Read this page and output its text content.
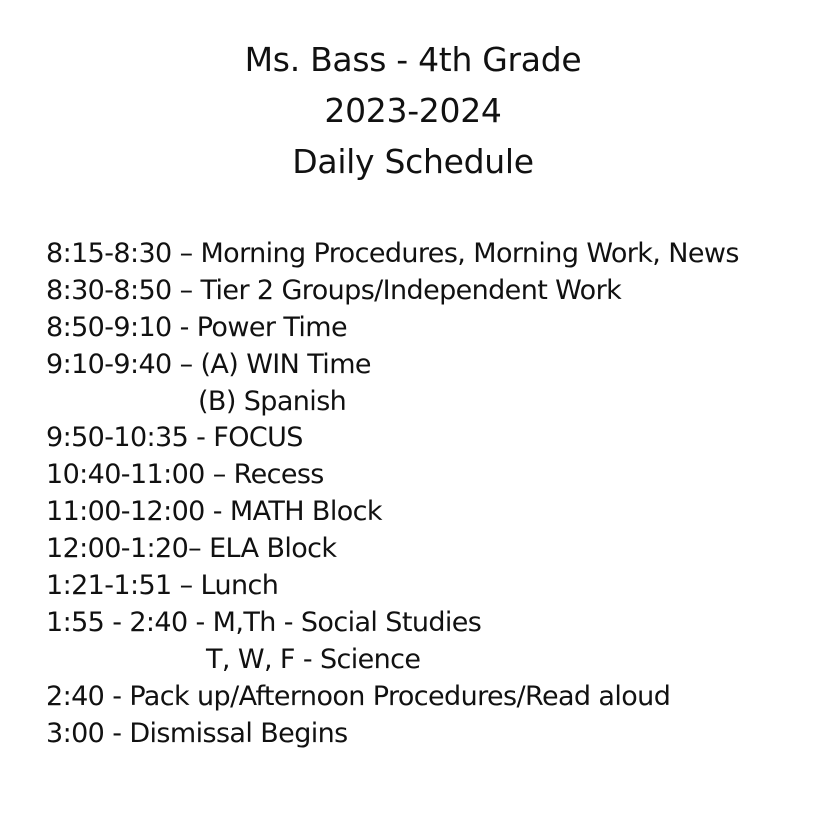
Ms. Bass - 4th Grade
2023-2024
Daily Schedule
8:15-8:30 – Morning Procedures, Morning Work, News
8:30-8:50 – Tier 2 Groups/Independent Work
8:50-9:10 - Power Time
9:10-9:40 – (A) WIN Time
(B) Spanish
9:50-10:35 - FOCUS
10:40-11:00 – Recess
11:00-12:00 - MATH Block
12:00-1:20– ELA Block
1:21-1:51 – Lunch
1:55 - 2:40 - M,Th - Social Studies
T, W, F - Science
2:40 - Pack up/Afternoon Procedures/Read aloud
3:00 - Dismissal Begins
